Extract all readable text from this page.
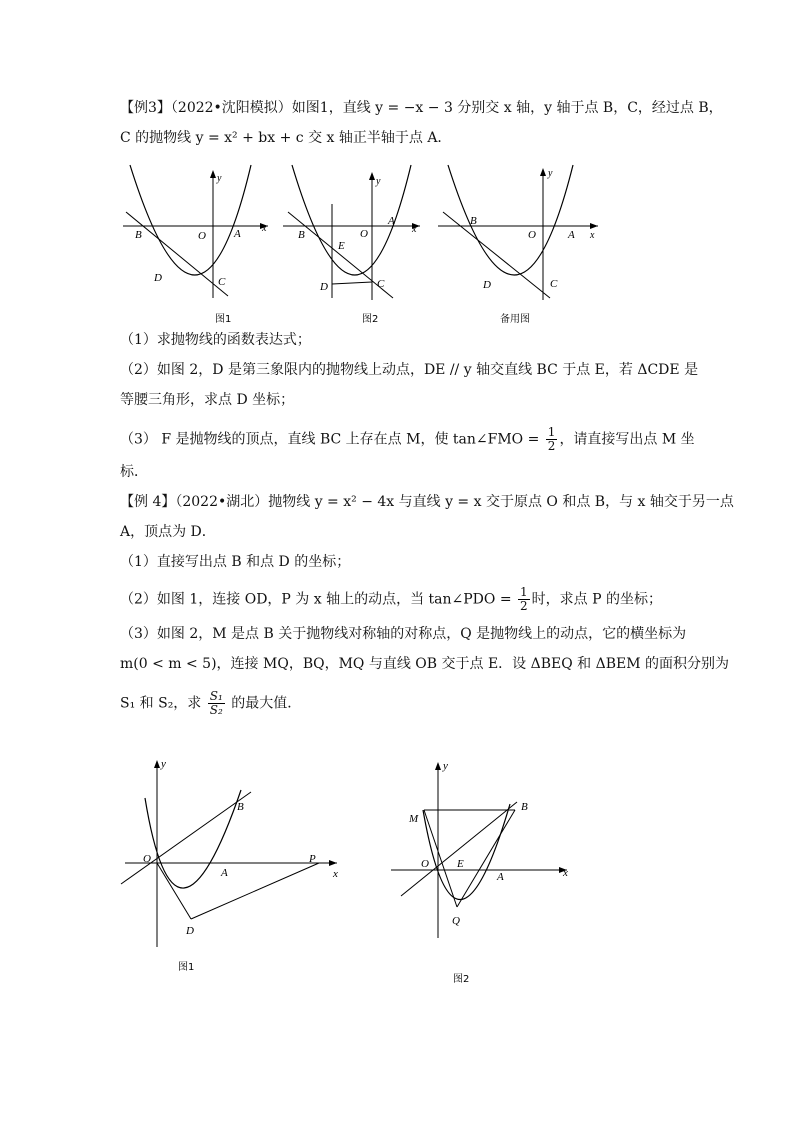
【例3】（2022•沈阳模拟）如图1，直线 y = −x − 3 分别交 x 轴，y 轴于点 B，C，经过点 B，
C 的抛物线 y = x² + bx + c 交 x 轴正半轴于点 A．
B	O	A x
y
D	C
图1
B	O
A
x
y
E
D	C
图2
B
O	A x
y
D	C
备用图
（1）求抛物线的函数表达式；
（2）如图 2，D 是第三象限内的抛物线上动点，DE // y 轴交直线 BC 于点 E，若 ΔCDE 是
等腰三角形，求点 D 坐标；
（3） F 是抛物线的顶点，直线 BC 上存在点 M，使 tan∠FMO = $\frac{1}{2}$ ，请直接写出点 M 坐
标．
【例 4】（2022•湖北）抛物线 y = x² − 4x 与直线 y = x 交于原点 O 和点 B，与 x 轴交于另一点
A，顶点为 D．
（1）直接写出点 B 和点 D 的坐标；
（2）如图 1，连接 OD，P 为 x 轴上的动点，当 tan∠PDO = $\frac{1}{2}$ 时，求点 P 的坐标；
（3）如图 2，M 是点 B 关于抛物线对称轴的对称点，Q 是抛物线上的动点，它的横坐标为
m(0 < m < 5)，连接 MQ，BQ，MQ 与直线 OB 交于点 E．设 ΔBEQ 和 ΔBEM 的面积分别为
S₁ 和 S₂，求 $\frac{\text{S₁}}{\text{S₂}}$ 的最大值．
B
O
A
P
x
y
D
图1
B
M
O	E
A	x
y
Q
图2
